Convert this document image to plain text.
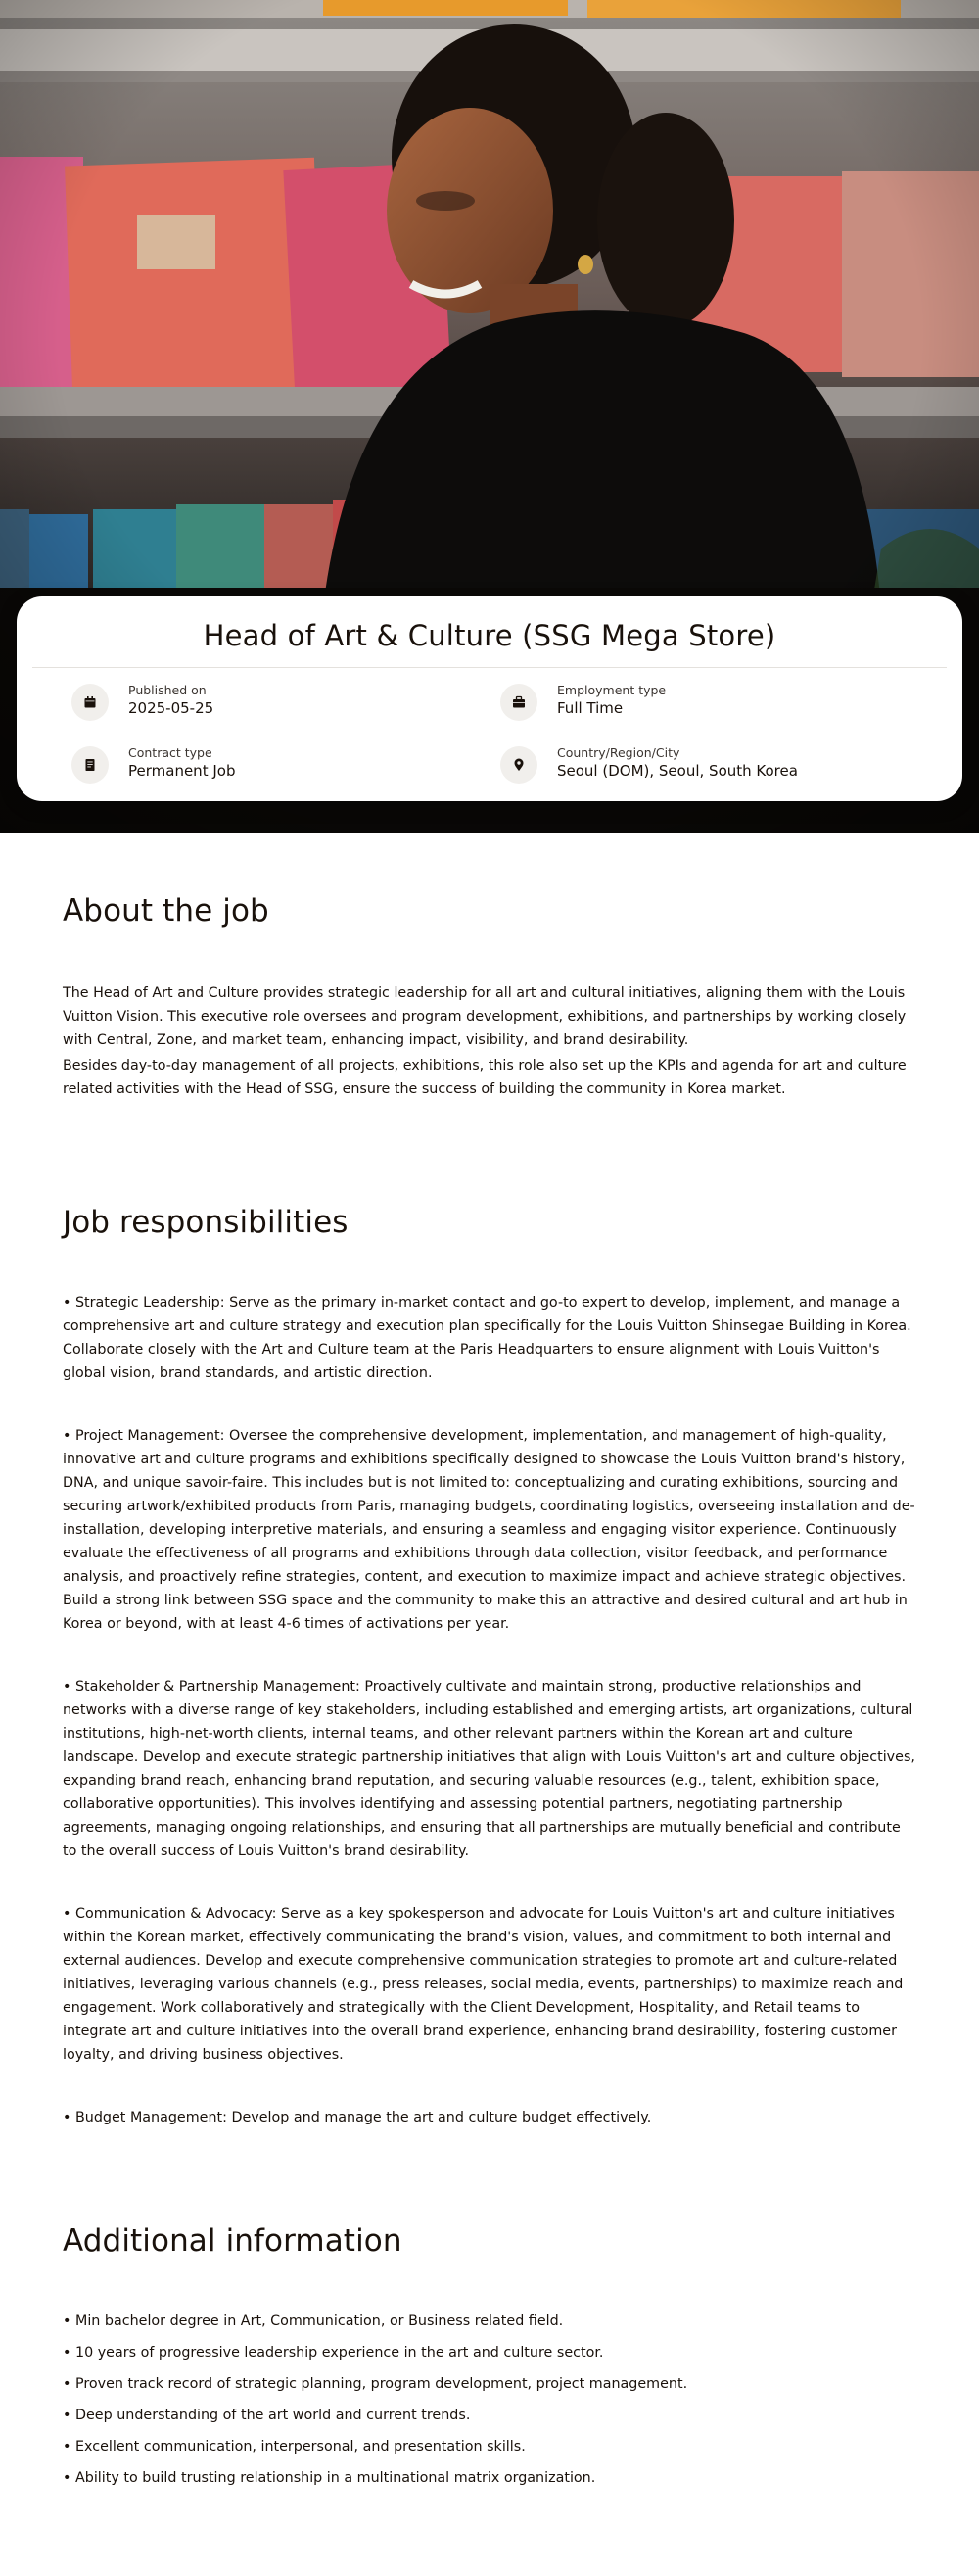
Head of Art & Culture (SSG Mega Store)
Published on
2025-05-25
Employment type
Full Time
Contract type
Permanent Job
Country/Region/City
Seoul (DOM), Seoul, South Korea
About the job

The Head of Art and Culture provides strategic leadership for all art and cultural initiatives, aligning them with the Louis Vuitton Vision. This executive role oversees and program development, exhibitions, and partnerships by working closely with Central, Zone, and market team, enhancing impact, visibility, and brand desirability.

Besides day-to-day management of all projects, exhibitions, this role also set up the KPIs and agenda for art and culture related activities with the Head of SSG, ensure the success of building the community in Korea market.

Job responsibilities

• Strategic Leadership: Serve as the primary in-market contact and go-to expert to develop, implement, and manage a comprehensive art and culture strategy and execution plan specifically for the Louis Vuitton Shinsegae Building in Korea. Collaborate closely with the Art and Culture team at the Paris Headquarters to ensure alignment with Louis Vuitton's global vision, brand standards, and artistic direction.

• Project Management: Oversee the comprehensive development, implementation, and management of high-quality, innovative art and culture programs and exhibitions specifically designed to showcase the Louis Vuitton brand's history, DNA, and unique savoir-faire. This includes but is not limited to: conceptualizing and curating exhibitions, sourcing and securing artwork/exhibited products from Paris, managing budgets, coordinating logistics, overseeing installation and de-installation, developing interpretive materials, and ensuring a seamless and engaging visitor experience. Continuously evaluate the effectiveness of all programs and exhibitions through data collection, visitor feedback, and performance analysis, and proactively refine strategies, content, and execution to maximize impact and achieve strategic objectives. Build a strong link between SSG space and the community to make this an attractive and desired cultural and art hub in Korea or beyond, with at least 4-6 times of activations per year.

• Stakeholder & Partnership Management: Proactively cultivate and maintain strong, productive relationships and networks with a diverse range of key stakeholders, including established and emerging artists, art organizations, cultural institutions, high-net-worth clients, internal teams, and other relevant partners within the Korean art and culture landscape. Develop and execute strategic partnership initiatives that align with Louis Vuitton's art and culture objectives, expanding brand reach, enhancing brand reputation, and securing valuable resources (e.g., talent, exhibition space, collaborative opportunities). This involves identifying and assessing potential partners, negotiating partnership agreements, managing ongoing relationships, and ensuring that all partnerships are mutually beneficial and contribute to the overall success of Louis Vuitton's brand desirability.

• Communication & Advocacy: Serve as a key spokesperson and advocate for Louis Vuitton's art and culture initiatives within the Korean market, effectively communicating the brand's vision, values, and commitment to both internal and external audiences. Develop and execute comprehensive communication strategies to promote art and culture-related initiatives, leveraging various channels (e.g., press releases, social media, events, partnerships) to maximize reach and engagement. Work collaboratively and strategically with the Client Development, Hospitality, and Retail teams to integrate art and culture initiatives into the overall brand experience, enhancing brand desirability, fostering customer loyalty, and driving business objectives.

• Budget Management: Develop and manage the art and culture budget effectively.

Additional information

• Min bachelor degree in Art, Communication, or Business related field.

• 10 years of progressive leadership experience in the art and culture sector.

• Proven track record of strategic planning, program development, project management.

• Deep understanding of the art world and current trends.

• Excellent communication, interpersonal, and presentation skills.

• Ability to build trusting relationship in a multinational matrix organization.
